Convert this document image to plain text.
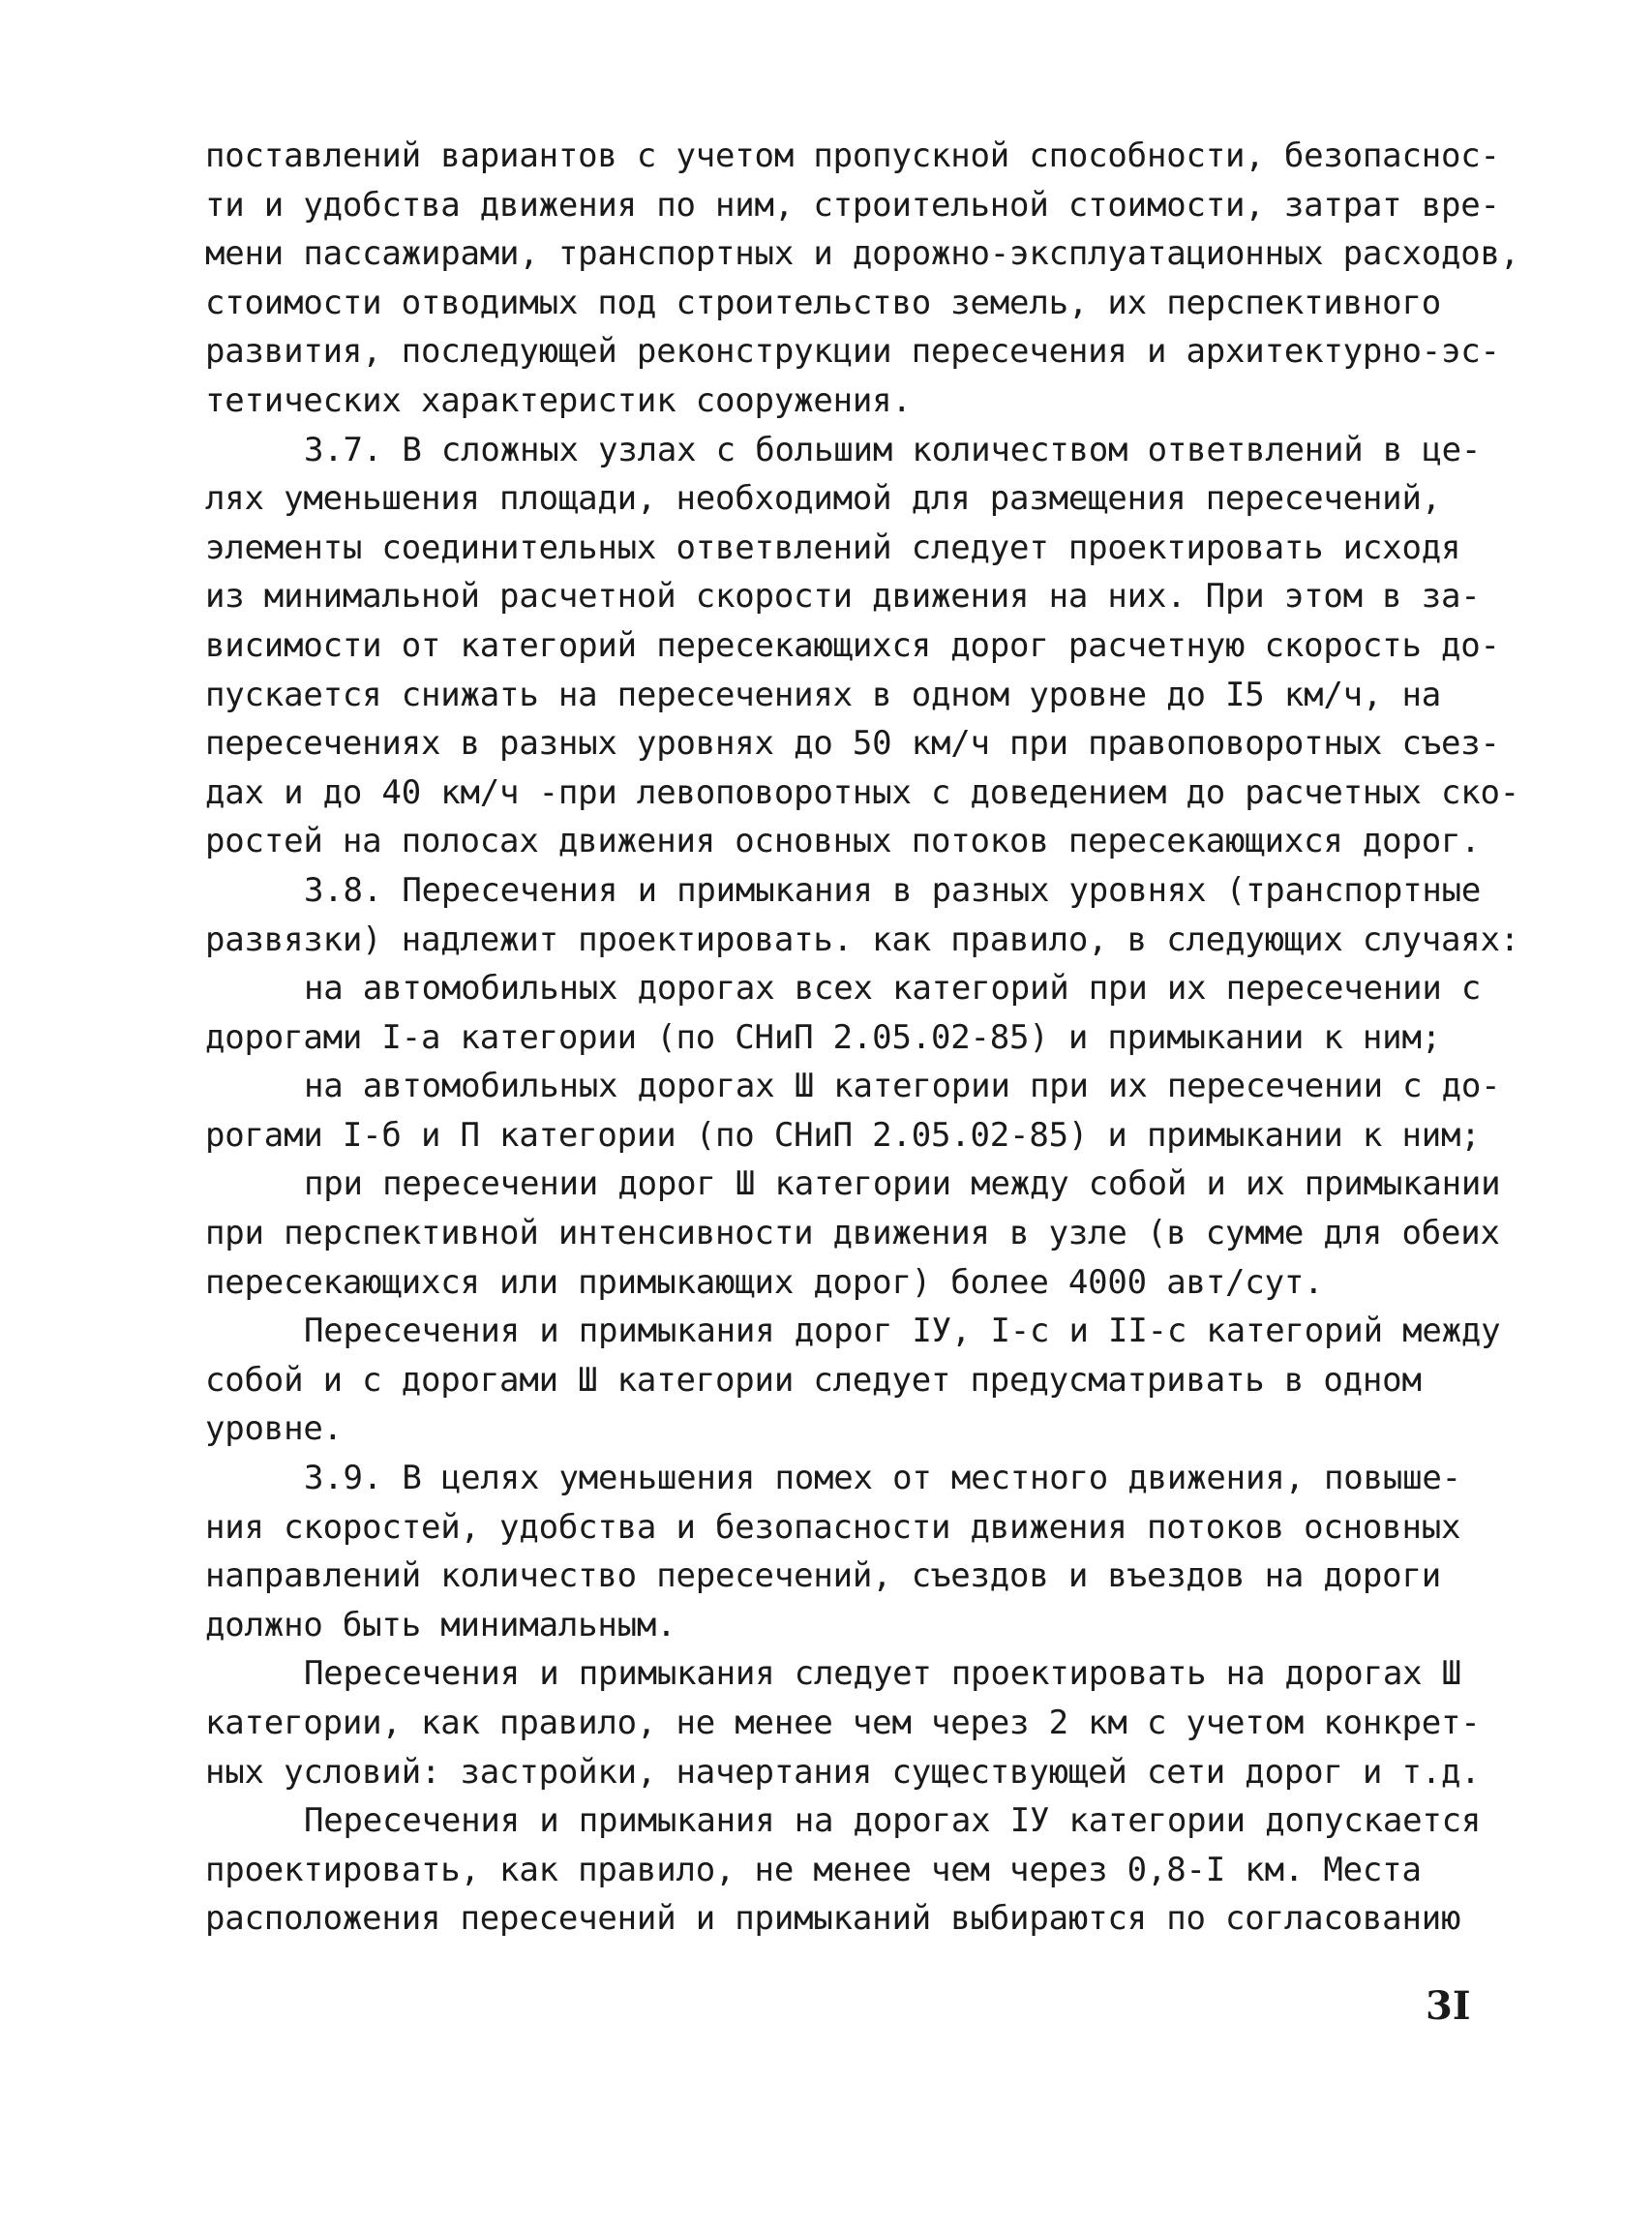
поставлений вариантов с учетом пропускной способности, безопаснос-
ти и удобства движения по ним, строительной стоимости, затрат вре-
мени пассажирами, транспортных и дорожно-эксплуатационных расходов,
стоимости отводимых под строительство земель, их перспективного
развития, последующей реконструкции пересечения и архитектурно-эс-
тетических характеристик сооружения.
3.7. В сложных узлах с большим количеством ответвлений в це-
лях уменьшения площади, необходимой для размещения пересечений,
элементы соединительных ответвлений следует проектировать исходя
из минимальной расчетной скорости движения на них. При этом в за-
висимости от категорий пересекающихся дорог расчетную скорость до-
пускается снижать на пересечениях в одном уровне до I5 км/ч, на
пересечениях в разных уровнях до 50 км/ч при правоповоротных съез-
дах и до 40 км/ч -при левоповоротных с доведением до расчетных ско-
ростей на полосах движения основных потоков пересекающихся дорог.
3.8. Пересечения и примыкания в разных уровнях (транспортные
развязки) надлежит проектировать. как правило, в следующих случаях:
на автомобильных дорогах всех категорий при их пересечении с
дорогами I-а категории (по СНиП 2.05.02-85) и примыкании к ним;
на автомобильных дорогах Ш категории при их пересечении с до-
рогами I-б и П категории (по СНиП 2.05.02-85) и примыкании к ним;
при пересечении дорог Ш категории между собой и их примыкании
при перспективной интенсивности движения в узле (в сумме для обеих
пересекающихся или примыкающих дорог) более 4000 авт/сут.
Пересечения и примыкания дорог IУ, I-с и II-с категорий между
собой и с дорогами Ш категории следует предусматривать в одном
уровне.
3.9. В целях уменьшения помех от местного движения, повыше-
ния скоростей, удобства и безопасности движения потоков основных
направлений количество пересечений, съездов и въездов на дороги
должно быть минимальным.
Пересечения и примыкания следует проектировать на дорогах Ш
категории, как правило, не менее чем через 2 км с учетом конкрет-
ных условий: застройки, начертания существующей сети дорог и т.д.
Пересечения и примыкания на дорогах IУ категории допускается
проектировать, как правило, не менее чем через 0,8-I км. Места
расположения пересечений и примыканий выбираются по согласованию
3I
